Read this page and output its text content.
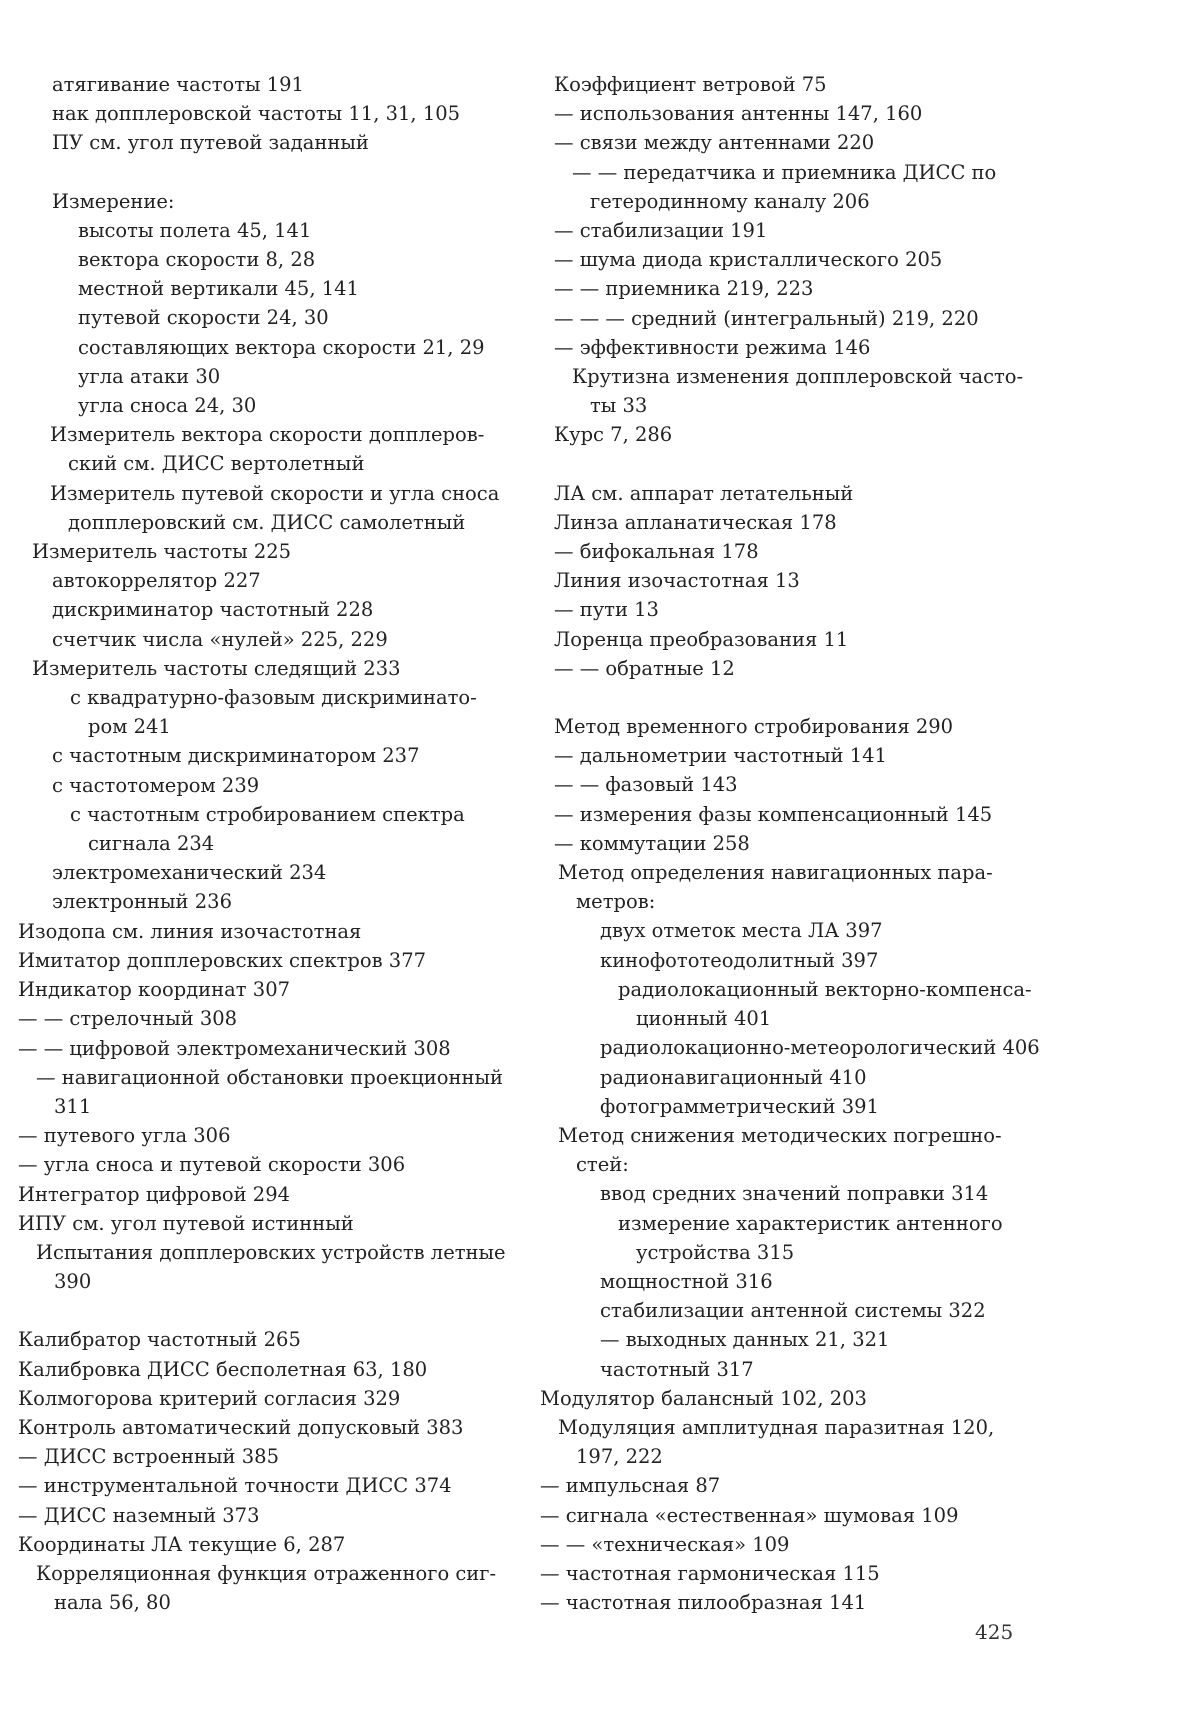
атягивание частоты 191
нак допплеровской частоты 11, 31, 105
ПУ см. угол путевой заданный
Измерение:
высоты полета 45, 141
вектора скорости 8, 28
местной вертикали 45, 141
путевой скорости 24, 30
составляющих вектора скорости 21, 29
угла атаки 30
угла сноса 24, 30
Измеритель вектора скорости допплеров-
ский см. ДИСС вертолетный
Измеритель путевой скорости и угла сноса
допплеровский см. ДИСС самолетный
Измеритель частоты 225
автокоррелятор 227
дискриминатор частотный 228
счетчик числа «нулей» 225, 229
Измеритель частоты следящий 233
с квадратурно-фазовым дискриминато-
ром 241
с частотным дискриминатором 237
с частотомером 239
с частотным стробированием спектра
сигнала 234
электромеханический 234
электронный 236
Изодопа см. линия изочастотная
Имитатор допплеровских спектров 377
Индикатор координат 307
— — стрелочный 308
— — цифровой электромеханический 308
— навигационной обстановки проекционный
311
— путевого угла 306
— угла сноса и путевой скорости 306
Интегратор цифровой 294
ИПУ см. угол путевой истинный
Испытания допплеровских устройств летные
390
Калибратор частотный 265
Калибровка ДИСС бесполетная 63, 180
Колмогорова критерий согласия 329
Контроль автоматический допусковый 383
— ДИСС встроенный 385
— инструментальной точности ДИСС 374
— ДИСС наземный 373
Координаты ЛА текущие 6, 287
Корреляционная функция отраженного сиг-
нала 56, 80
Коэффициент ветровой 75
— использования антенны 147, 160
— связи между антеннами 220
— — передатчика и приемника ДИСС по
гетеродинному каналу 206
— стабилизации 191
— шума диода кристаллического 205
— — приемника 219, 223
— — — средний (интегральный) 219, 220
— эффективности режима 146
Крутизна изменения допплеровской часто-
ты 33
Курс 7, 286
ЛА см. аппарат летательный
Линза апланатическая 178
— бифокальная 178
Линия изочастотная 13
— пути 13
Лоренца преобразования 11
— — обратные 12
Метод временного стробирования 290
— дальнометрии частотный 141
— — фазовый 143
— измерения фазы компенсационный 145
— коммутации 258
Метод определения навигационных пара-
метров:
двух отметок места ЛА 397
кинофототеодолитный 397
радиолокационный векторно-компенса-
ционный 401
радиолокационно-метеорологический 406
радионавигационный 410
фотограмметрический 391
Метод снижения методических погрешно-
стей:
ввод средних значений поправки 314
измерение характеристик антенного
устройства 315
мощностной 316
стабилизации антенной системы 322
— выходных данных 21, 321
частотный 317
Модулятор балансный 102, 203
Модуляция амплитудная паразитная 120,
197, 222
— импульсная 87
— сигнала «естественная» шумовая 109
— — «техническая» 109
— частотная гармоническая 115
— частотная пилообразная 141
425
